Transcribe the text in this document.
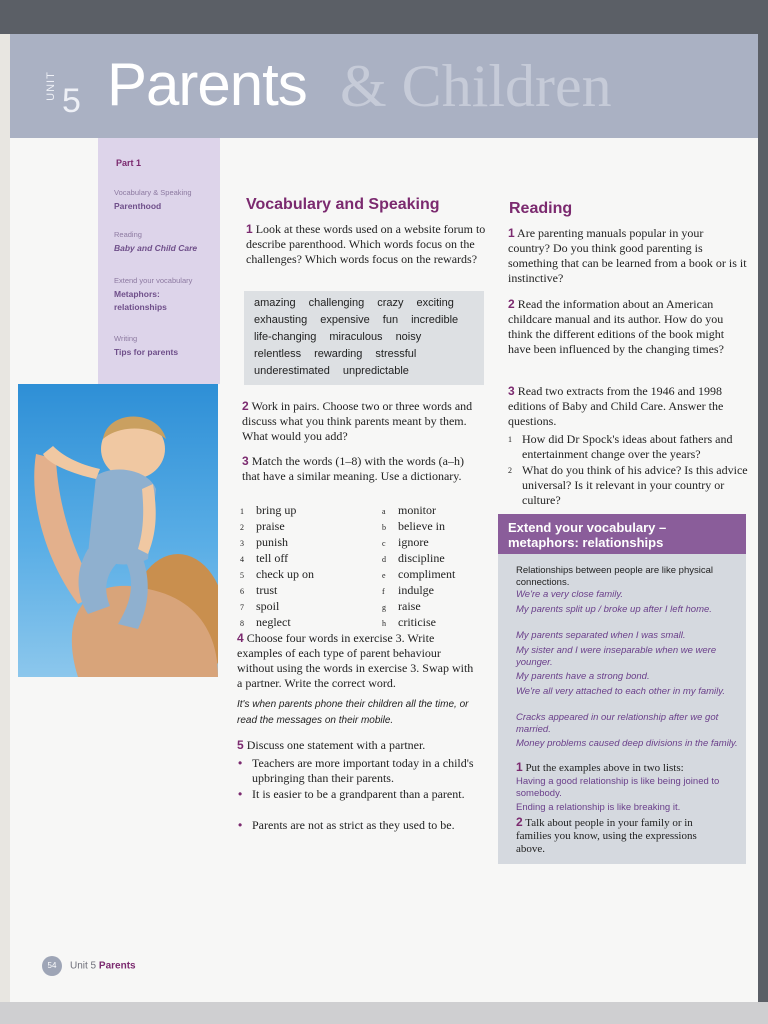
UNIT 5 Parents & Children
Part 1
Vocabulary & Speaking
Parenthood
Reading
Baby and Child Care
Extend your vocabulary
Metaphors: relationships
Writing
Tips for parents
Vocabulary and Speaking
1 Look at these words used on a website forum to describe parenthood. Which words focus on the challenges? Which words focus on the rewards?
amazing challenging crazy exciting
exhausting expensive fun incredible
life-changing miraculous noisy
relentless rewarding stressful
underestimated unpredictable
2 Work in pairs. Choose two or three words and discuss what you think parents meant by them. What would you add?
3 Match the words (1–8) with the words (a–h) that have a similar meaning. Use a dictionary.
1 bring up
2 praise
3 punish
4 tell off
5 check up on
6 trust
7 spoil
8 neglect
a monitor
b believe in
c ignore
d discipline
e compliment
f indulge
g raise
h criticise
4 Choose four words in exercise 3. Write examples of each type of parent behaviour without using the words in exercise 3. Swap with a partner. Write the correct word.
It's when parents phone their children all the time, or read the messages on their mobile.
5 Discuss one statement with a partner.
• Teachers are more important today in a child's upbringing than their parents.
• It is easier to be a grandparent than a parent.
• Parents are not as strict as they used to be.
Reading
1 Are parenting manuals popular in your country? Do you think good parenting is something that can be learned from a book or is it instinctive?
2 Read the information about an American childcare manual and its author. How do you think the different editions of the book might have been influenced by the changing times?
3 Read two extracts from the 1946 and 1998 editions of Baby and Child Care. Answer the questions.
1 How did Dr Spock's ideas about fathers and entertainment change over the years?
2 What do you think of his advice? Is this advice universal? Is it relevant in your country or culture?
Extend your vocabulary – metaphors: relationships
Relationships between people are like physical connections.
We're a very close family.
My parents split up / broke up after I left home.
My parents separated when I was small.
My sister and I were inseparable when we were younger.
My parents have a strong bond.
We're all very attached to each other in my family.
Cracks appeared in our relationship after we got married.
Money problems caused deep divisions in the family.
1 Put the examples above in two lists:
Having a good relationship is like being joined to somebody.
Ending a relationship is like breaking it.
2 Talk about people in your family or in families you know, using the expressions above.
54 Unit 5 Parents
